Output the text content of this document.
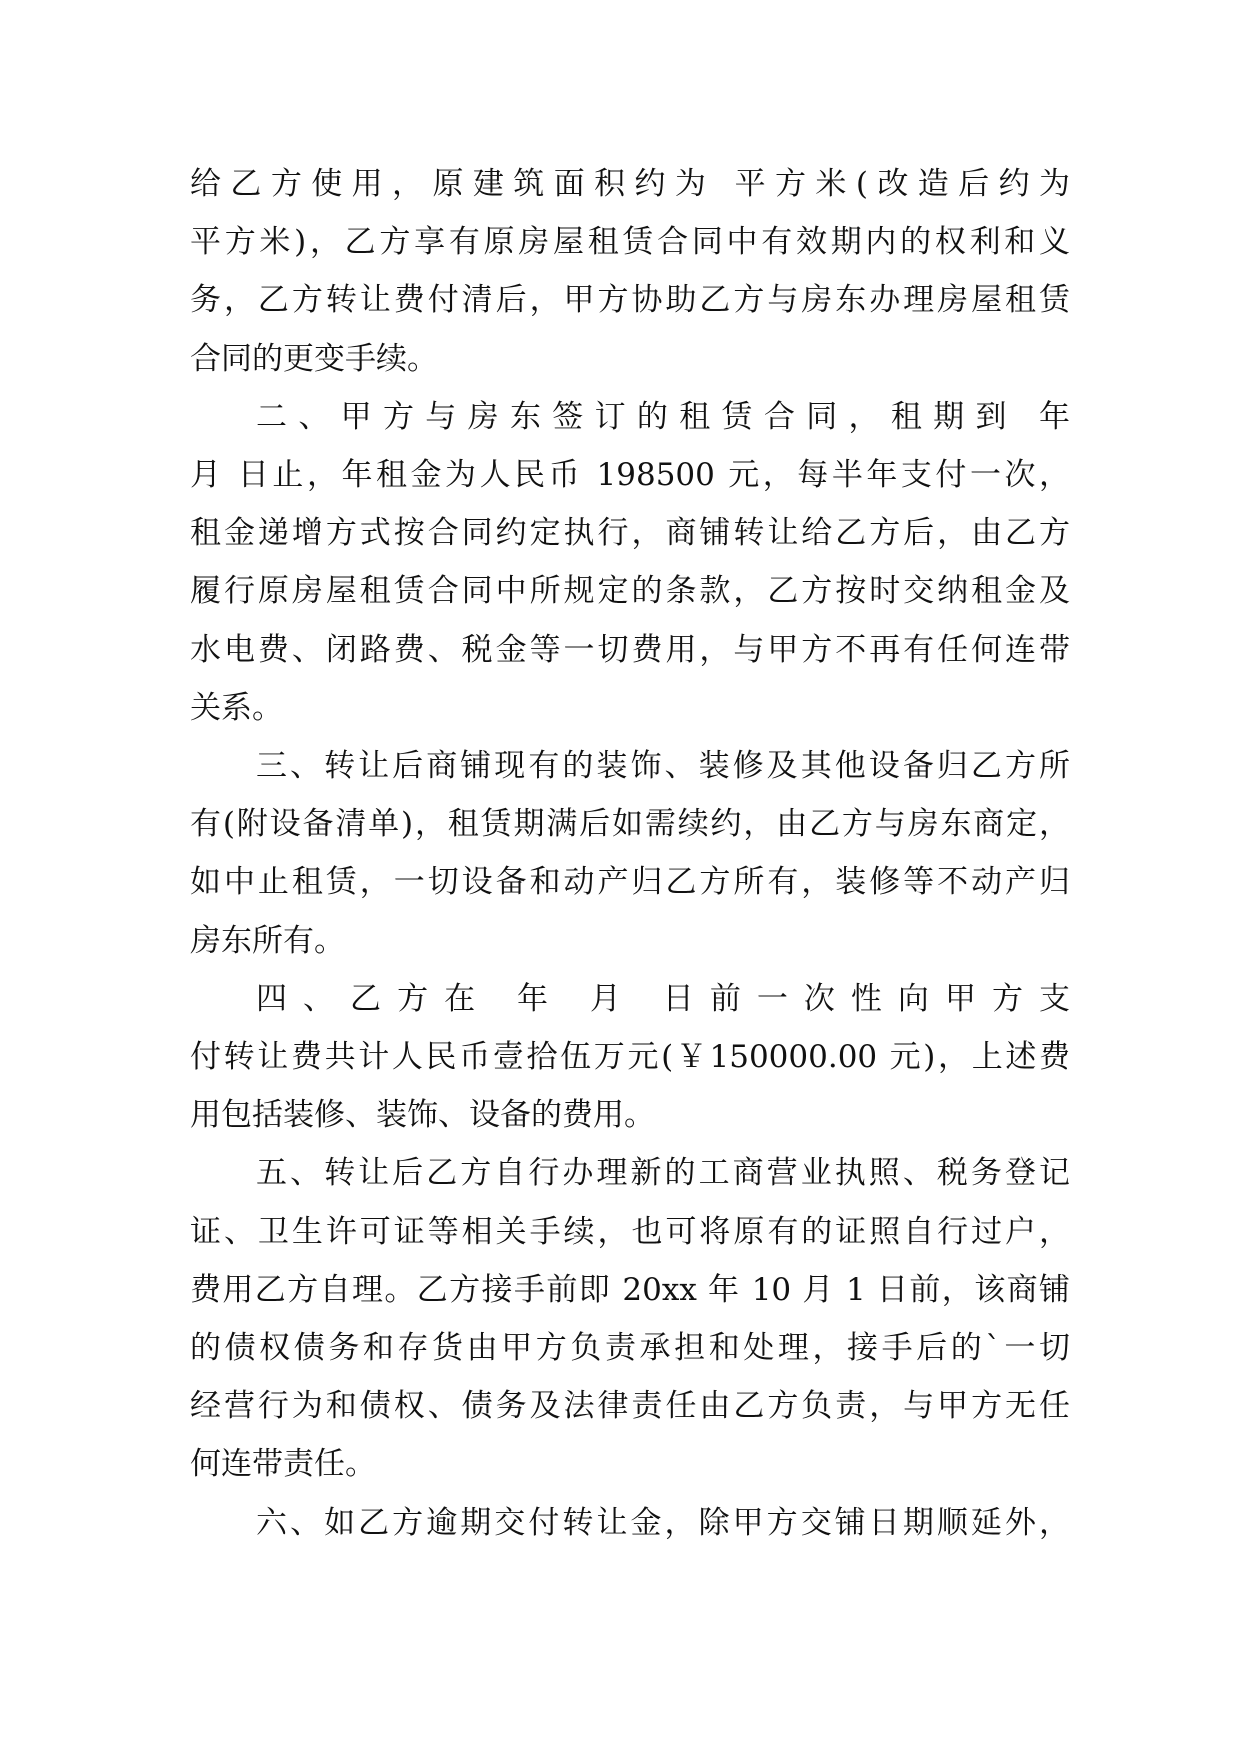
给乙方使用，原建筑面积约为 平方米(改造后约为
平方米)，乙方享有原房屋租赁合同中有效期内的权利和义
务，乙方转让费付清后，甲方协助乙方与房东办理房屋租赁
合同的更变手续。
二、甲方与房东签订的租赁合同，租期到 年
月 日止，年租金为人民币 198500 元，每半年支付一次，
租金递增方式按合同约定执行，商铺转让给乙方后，由乙方
履行原房屋租赁合同中所规定的条款，乙方按时交纳租金及
水电费、闭路费、税金等一切费用，与甲方不再有任何连带
关系。
三、转让后商铺现有的装饰、装修及其他设备归乙方所
有(附设备清单)，租赁期满后如需续约，由乙方与房东商定，
如中止租赁，一切设备和动产归乙方所有，装修等不动产归
房东所有。
四、乙方在 年 月 日前一次性向甲方支
付转让费共计人民币壹拾伍万元(￥150000.00 元)，上述费
用包括装修、装饰、设备的费用。
五、转让后乙方自行办理新的工商营业执照、税务登记
证、卫生许可证等相关手续，也可将原有的证照自行过户，
费用乙方自理。乙方接手前即 20xx 年 10 月 1 日前，该商铺
的债权债务和存货由甲方负责承担和处理，接手后的`一切
经营行为和债权、债务及法律责任由乙方负责，与甲方无任
何连带责任。
六、如乙方逾期交付转让金，除甲方交铺日期顺延外，
